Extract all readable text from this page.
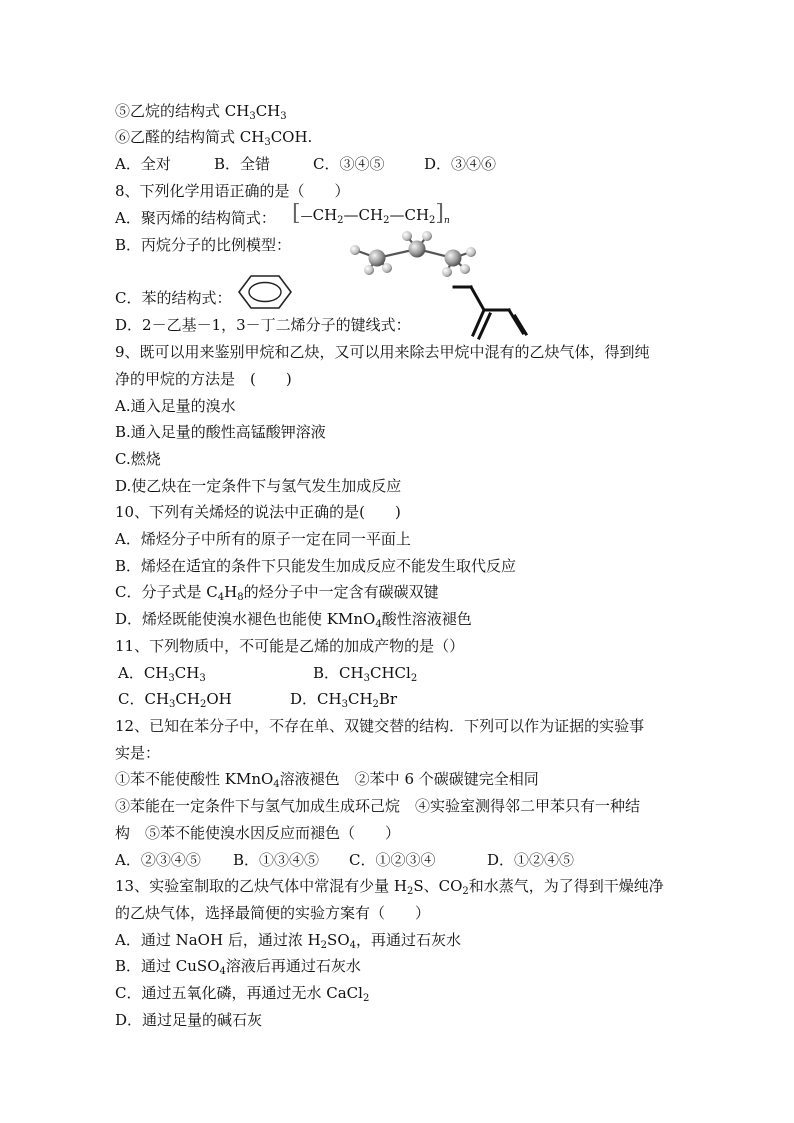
⑤乙烷的结构式 $CH_3CH_3$
⑥乙醛的结构简式 $CH_3COH$.
A．全对	B．全错	C．③④⑤	D．③④⑥
8、下列化学用语正确的是（　　）
A．聚丙烯的结构简式： $[—CH_2—CH_2—CH_2]_n$
B．丙烷分子的比例模型：
C．苯的结构式：
D．2－乙基－1，3－丁二烯分子的键线式：
9、既可以用来鉴别甲烷和乙炔，又可以用来除去甲烷中混有的乙炔气体，得到纯
净的甲烷的方法是　(　　)
A.通入足量的溴水
B.通入足量的酸性高锰酸钾溶液
C.燃烧
D.使乙炔在一定条件下与氢气发生加成反应
10、下列有关烯烃的说法中正确的是(　　)
A．烯烃分子中所有的原子一定在同一平面上
B．烯烃在适宜的条件下只能发生加成反应不能发生取代反应
C．分子式是 $C_4H_8$的烃分子中一定含有碳碳双键
D．烯烃既能使溴水褪色也能使 KMnO$_4$酸性溶液褪色
11、下列物质中，不可能是乙烯的加成产物的是（）
A．$CH_3CH_3$	B．$CH_3CHCl_2$
C．$CH_3CH_2OH$	D．$CH_3CH_2Br$
12、已知在苯分子中，不存在单、双键交替的结构．下列可以作为证据的实验事
实是：
①苯不能使酸性 KMnO$_4$溶液褪色　②苯中 6 个碳碳键完全相同
③苯能在一定条件下与氢气加成生成环己烷　④实验室测得邻二甲苯只有一种结
构　⑤苯不能使溴水因反应而褪色（　　）
A．②③④⑤ B．①③④⑤ C．①②③④	D．①②④⑤
13、实验室制取的乙炔气体中常混有少量 $H_2S$、$CO_2$和水蒸气，为了得到干燥纯净
的乙炔气体，选择最简便的实验方案有（　　）
A．通过 NaOH 后，通过浓 $H_2SO_4$，再通过石灰水
B．通过 CuSO$_4$溶液后再通过石灰水
C．通过五氧化磷，再通过无水 CaCl$_2$
D．通过足量的碱石灰
